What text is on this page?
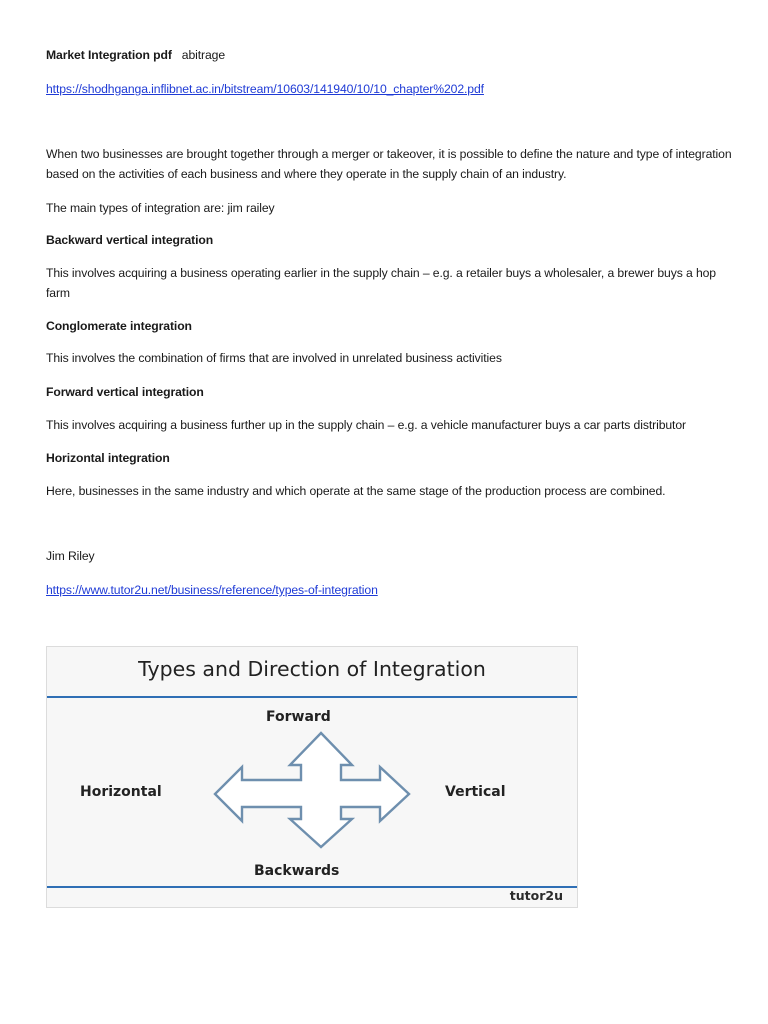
Market Integration pdf abitrage
https://shodhganga.inflibnet.ac.in/bitstream/10603/141940/10/10_chapter%202.pdf
When two businesses are brought together through a merger or takeover, it is possible to define the nature and type of integration based on the activities of each business and where they operate in the supply chain of an industry.
The main types of integration are: jim railey
Backward vertical integration
This involves acquiring a business operating earlier in the supply chain – e.g. a retailer buys a wholesaler, a brewer buys a hop farm
Conglomerate integration
This involves the combination of firms that are involved in unrelated business activities
Forward vertical integration
This involves acquiring a business further up in the supply chain – e.g. a vehicle manufacturer buys a car parts distributor
Horizontal integration
Here, businesses in the same industry and which operate at the same stage of the production process are combined.
Jim Riley
https://www.tutor2u.net/business/reference/types-of-integration
Types and Direction of Integration
Forward
Backwards
Horizontal	Vertical
tutor2u
